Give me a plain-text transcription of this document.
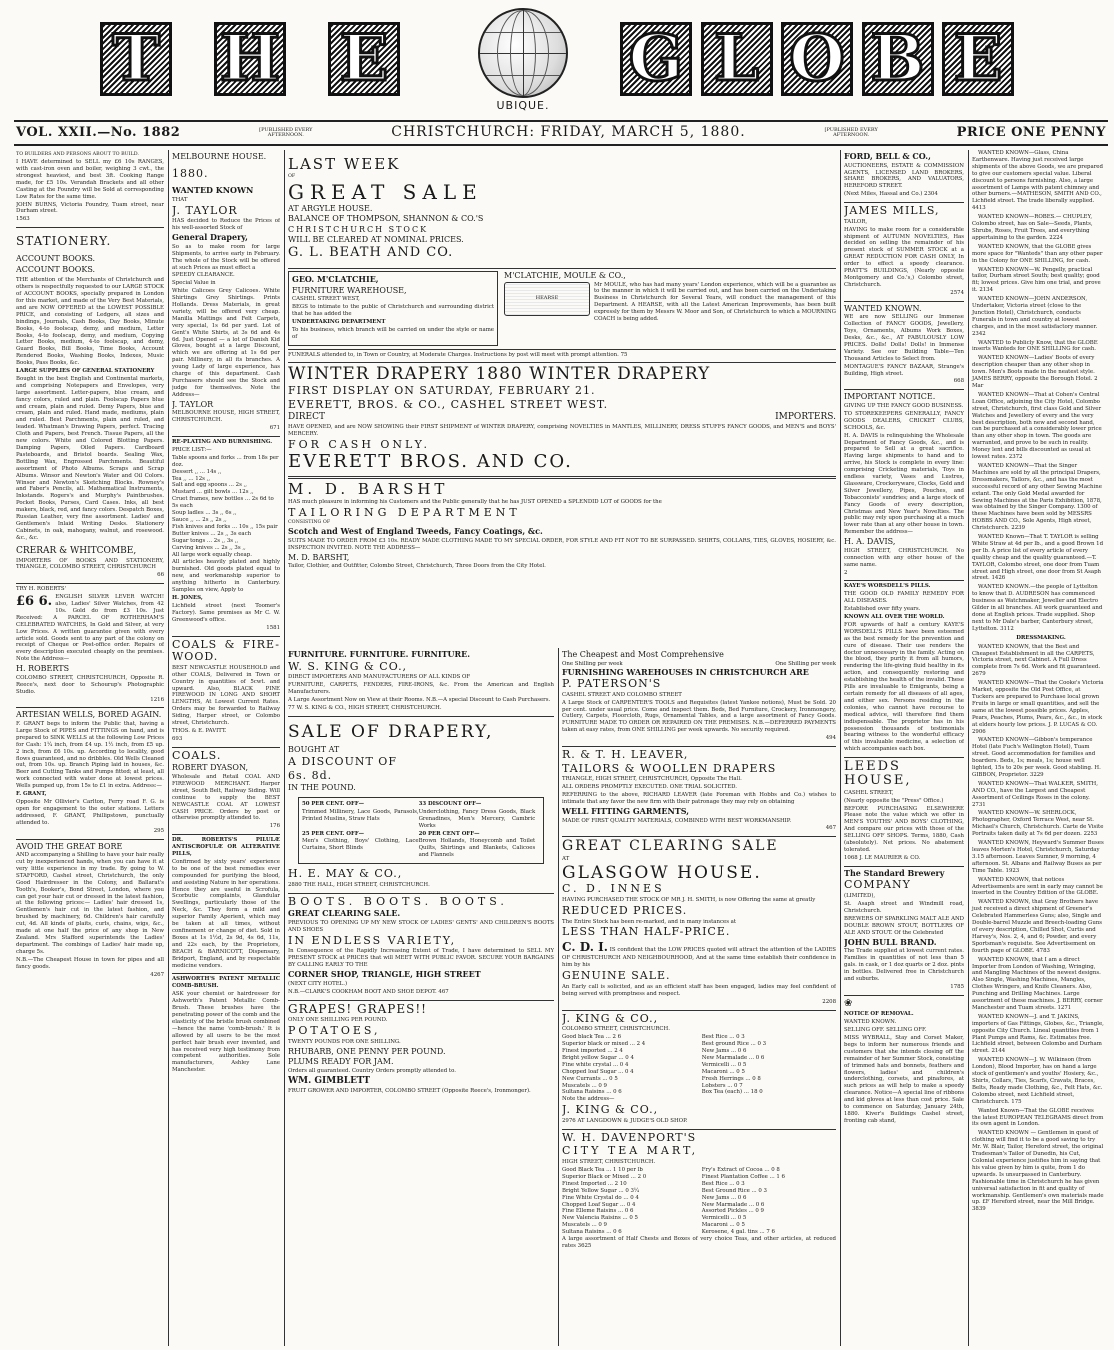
T H E
UBIQUE.
G L O B E
VOL. XXII.—No. 1882	[PUBLISHED EVERY AFTERNOON.	CHRISTCHURCH: FRIDAY, MARCH 5, 1880.	[PUBLISHED EVERY AFTERNOON.	PRICE ONE PENNY

TO BUILDERS AND PERSONS ABOUT TO BUILD.

I HAVE determined to SELL my £6 10s RANGES, with cast-iron oven and boiler, weighing 3 cwt., the strongest heaviest, and best 3ft. Cooking Range made, for £5 10s. Verandah Brackets and all other Casting at the Foundry will be Sold at corresponding Low Rates for the same time.

JOHN BURNS, Victoria Foundry, Tuam street, near Durham street.

1563

STATIONERY.

ACCOUNT BOOKS.

ACCOUNT BOOKS.

THE attention of the Merchants of Christchurch and others is respectfully requested to our LARGE STOCK of ACCOUNT BOOKS, specially prepared in London for this market, and made of the Very Best Materials, and are NOW OFFERED at the LOWEST POSSIBLE PRICE, and consisting of Ledgers, all sizes and bindings, Journals, Cash Books, Day Books, Minute Books, 4-to foolscap, demy, and medium, Letter Books, 4-to foolscap, demy, and medium, Copying Letter Books, medium, 4-to foolscap, and demy, Guard Books, Bill Books, Time Books, Account Rendered Books, Washing Books, Indexes, Music Books, Pass Books, &c.

LARGE SUPPLIES OF GENERAL STATIONERY

Bought in the best English and Continental markets, and comprising Notepapers and Envelopes, very large assortment. Letter-papers, blue cream, and fancy colors, ruled and plain. Foolscap Papers blue and cream, plain and ruled. Demy Papers, blue and cream, plain and ruled. Hand made, mediums, plain and ruled. Best Parchments, plain and ruled, and leaded. Whatman's Drawing Papers, perfect. Tracing Cloth and Papers, best French. Tissue Papers, all the new colors. White and Colored Blotting Papers. Damping Papers, Oiled Papers. Cardboard Pasteboards, and Bristol boards. Sealing Wax, Bottling Wax, Engrossed Parchments. Beautiful assortment of Photo Albums. Scraps and Scrap Albums. Winsor and Newton's Water and Oil Colors. Winsor and Newton's Sketching Blocks. Rowney's and Faber's Pencils, all. Mathematical Instruments, Inkstands. Rogers's and Murphy's Paintbrushes. Pocket Books, Purses, Card Cases. Inks, all best makers, black, red, and fancy colors. Despatch Boxes, Russian Leather, very fine assortment. Ladies' and Gentlemen's Inlaid Writing Desks. Stationery Cabinets, in oak, mahogany, walnut, and rosewood. &c., &c.

CRERAR & WHITCOMBE,

IMPORTERS OF BOOKS AND STATIONERY, TRIANGLE, COLOMBO STREET, CHRISTCHURCH

66

TRY H. ROBERTS'

£6 6. ENGLISH SILVER LEVER WATCH! also, Ladies' Silver Watches, from 42 10s. Gold do from £3 10s. Just Received: A PARCEL OF ROTHERHAM'S CELEBRATED WATCHES, In Gold and Silver, at very Low Prices. A written guarantee given with every article sold. Goods sent to any part of the colony on receipt of Cheque or Post-office order. Repairs of every description executed cheaply on the premises. Note the Address—

H. ROBERTS

COLOMBO STREET, CHRISTCHURCH, Opposite R. Reece's, next door to Schourup's Photographic Studio.

1216

ARTESIAN WELLS, BORED AGAIN.

F. GRANT begs to inform the Public that, having a Large Stock of PIPES and FITTINGS on hand, and is prepared to SINK WELLS at the following Low Prices for Cash: 1¼ inch, from £4 up. 1½ inch, from £5 up. 2 inch, from £6 10s. up. According to locality, good flows guaranteed, and no dribbles. Old Wells Cleaned out, from 10s. up. Branch Piping laid in houses, &c. Beer and Cutting Tanks and Pumps fitted; at least, all work connected with water done at lowest prices. Wells pumped up, from 15s to £1 in extra. Address:—

F. GRANT,

Opposite Mr Ollivier's Carlton, Ferry road F. G. is open for engagement to the outer stations. Letters addressed, F. GRANT, Phillipstown, punctually attended to.

295

AVOID THE GREAT BORE

AND accompanying a Shilling to have your hair really cut by inexperienced hands, when you can have it at very little experience in my trade. By going to W. STAFFORD, Cashel street, Christchurch, the only Good Hairdresser in the Colony, and Ballarat's Tooth's, Booker's, Bond Street, London, where you can get your hair cut or dressed in the latest fashion, at the following prices:— Ladies' hair dressed 1s, Gentlemen's hair cut in the latest fashion, and brushed by machinery, 6d. Children's hair carefully cut, 4d. All kinds of plaits, curls, chains, wigs, &c., made at one half the price of any shop in New Zealand. Mrs Stafford superintends the Ladies' department. The combings of Ladies' hair made up, charge 5s.

N.B.—The Cheapest House in town for pipes and all fancy goods.

4267

MELBOURNE HOUSE.

1880.

WANTED KNOWN

THAT

J. TAYLOR

HAS decided to Reduce the Prices of his well-assorted Stock of

General Drapery,

So as to make room for large Shipments, to arrive early in February. The whole of the Stock will be offered at such Prices as must effect a

SPEEDY CLEARANCE.

Special Value in

White Calicoes Grey Calicoes. White Shirtings Grey Shirtings. Prints Hollands. Dress Materials, in great variety, will be offered very cheap. Manilla Mattings and Felt Carpets, very special, 1s 6d per yard. Lot of Gent's White Shirts, at 3s 6d and 4s 6d. Just Opened — a lot of Danish Kid Gloves, bought at a large Discount, which we are offering at 1s 6d per pair. Millinery, in all its branches. A young Lady of large experience, has charge of this department. Cash Purchasers should see the Stock and judge for themselves. Note the Address—

J. TAYLOR

MELBOURNE HOUSE, HIGH STREET, CHRISTCHURCH.

671

RE-PLATING AND BURNISHING.

PRICE LIST:—

Table spoons and forks ... from 18s per doz.
Dessert ,, ... 14s ,,
Tea ,, ... 12s ,,
Salt and egg spoons ... 2s ,,
Mustard ... gilt bowls ... 12s ,,
Cruet frames, new bottles ... 2s 6d to 5s each
Soup ladles ... 3s ,, 6s ,,
Sauce ,, ... 2s ,, 2s ,,
Fish knives and forks ... 10s ,, 15s pair
Butter knives ... 2s ,, 3s each
Sugar tongs ... 2s ,, 3s ,,
Carving knives ... 2s ,, 3s ,,

All large work equally cheap.

All articles heavily plated and highly burnished. Old goods plated equal to new, and workmanship superior to anything hitherto in Canterbury. Samples on view, Apply to

H. JONES,

Lichfield street (next Toomer's Factory). Same premises as Mr C. W. Greenwood's office.

1581

COALS & FIRE-WOOD.

BEST NEWCASTLE HOUSEHOLD and other COALS, Delivered in Town or Country in quantities of 5cwt. and upward. Also, BLACK PINE FIREWOOD IN LONG AND SHORT LENGTHS, At Lowest Current Rates. Orders may be forwarded to Railway Siding, Harper street, or Colombo street, Christchurch.

THOS. & E. PAVITT.

693

COALS.

ROBERT DYASON,

Wholesale and Retail COAL AND FIREWOOD MERCHANT. Harper street, South Belt, Railway Siding. Will continue to supply the BEST NEWCASTLE COAL AT LOWEST CASH PRICE. Orders by post or otherwise promptly attended to.

176

DR. ROBERTS'S PILULÆ ANTISCROFULÆ OR ALTERATIVE PILLS,

Confirmed by sixty years' experience to be one of the best remedies ever compounded for purifying the blood, and assisting Nature in her operations. Hence they are useful in Scrofula, Scorbutic complaints, Glandular Swellings, particularly those of the Neck, &c. They form a mild and superior Family Aperient, which may be taken at all times, without confinement or change of diet. Sold in Boxes at 1s 1½d, 2s 9d, 4s 6d, 11s, and 22s each, by the Proprietors, BEACH & BARNICOTT, Dispensary, Bridport, England, and by respectable medicine vendors.

ASHWORTH'S PATENT METALLIC COMB-BRUSH.

ASK your chemist or hairdresser for Ashworth's Patent Metallic Comb-Brush. These brushes have the penetrating power of the comb and the elasticity of the bristle brush combined—hence the name 'comb-brush.' It is allowed by all users to be the most perfect hair brush ever invented, and has received very high testimony from competent authorities. Sole manufacturers, Ashley Lane Manchester.

LAST WEEK

OF

GREAT SALE

AT ARGYLE HOUSE.

BALANCE OF THOMPSON, SHANNON & CO.'S

CHRISTCHURCH STOCK

WILL BE CLEARED AT NOMINAL PRICES.

G. L. BEATH AND CO.

GEO. M'CLATCHIE,

FURNITURE WAREHOUSE,

CASHEL STREET WEST,

BEGS to intimate to the public of Christchurch and surrounding district that he has added the

UNDERTAKING DEPARTMENT

To his business, which branch will be carried on under the style or name of

M'CLATCHIE, MOULE & CO.,

HEARSE

Mr MOULE, who has had many years' London experience, which will be a guarantee as to the manner in which it will be carried out, and has been carried on the Undertaking Business in Christchurch for Several Years, will conduct the management of this Department. A HEARSE, with all the Latest American Improvements, has been built expressly for them by Messrs W. Moor and Son, of Christchurch to which a MOURNING COACH is being added.

FUNERALS attended to, in Town or Country, at Moderate Charges. Instructions by post will meet with prompt attention. 75

WINTER DRAPERY 1880 WINTER DRAPERY

FIRST DISPLAY ON SATURDAY, FEBRUARY 21.

EVERETT, BROS. & CO., CASHEL STREET WEST.

DIRECT	IMPORTERS.

HAVE OPENED, and are NOW SHOWING their FIRST SHIPMENT of WINTER DRAPERY, comprising NOVELTIES in MANTLES, MILLINERY, DRESS STUFFS FANCY GOODS, and MEN'S and BOYS' MERCERY.

FOR CASH ONLY.

EVERETT BROS. AND CO.

M. D. BARSHT

HAS much pleasure in informing his Customers and the Public generally that he has JUST OPENED a SPLENDID LOT of GOODS for the

TAILORING DEPARTMENT

CONSISTING OF

Scotch and West of England Tweeds, Fancy Coatings, &c.

SUITS MADE TO ORDER FROM £3 10s. READY MADE CLOTHING MADE TO MY SPECIAL ORDER, FOR STYLE AND FIT NOT TO BE SURPASSED. SHIRTS, COLLARS, TIES, GLOVES, HOSIERY, &c. INSPECTION INVITED. NOTE THE ADDRESS—

M. D. BARSHT,

Tailor, Clothier, and Outfitter, Colombo Street, Christchurch, Three Doors from the City Hotel.

FURNITURE. FURNITURE. FURNITURE.

W. S. KING & CO.,

DIRECT IMPORTERS AND MANUFACTURERS OF ALL KINDS OF

FURNITURE, CARPETS, FENDERS, FIRE-IRONS, &c. From the American and English Manufacturers.

A Large Assortment Now on View at their Rooms. N.B.—A special Discount to Cash Purchasers.

77 W. S. KING & CO., HIGH STREET, CHRISTCHURCH.

SALE OF DRAPERY,

BOUGHT AT

A DISCOUNT OF

6s. 8d.

IN THE POUND.

50 PER CENT. OFF—

Trimmed Millinery, Lace Goods, Parasols, Printed Muslins, Straw Hats

33 DISCOUNT OFF—

Underclothing, Fancy Dress Goods, Black Grenadines, Men's Mercery, Cambric Works

25 PER CENT. OFF—

Men's Clothing, Boys' Clothing, Lace Curtains, Short Blinds

20 PER CENT OFF—

Brown Hollands, Honeycomb and Toilet Quilts, Shirtings and Blankets, Calicoes and Flannels

H. E. MAY & CO.,

2880 THE HALL, HIGH STREET, CHRISTCHURCH.

BOOTS. BOOTS. BOOTS.

GREAT CLEARING SALE.

PREVIOUS TO OPENING UP MY NEW STOCK OF LADIES' GENTS' AND CHILDREN'S BOOTS AND SHOES

IN ENDLESS VARIETY,

In Consequence of the Rapidly Increasing Extent of Trade, I have determined to SELL MY PRESENT STOCK at PRICES that will MEET WITH PUBLIC FAVOR. SECURE YOUR BARGAINS BY CALLING EARLY TO THE

CORNER SHOP, TRIANGLE, HIGH STREET

(NEXT CITY HOTEL.)

N.B.—CLARK'S COOKHAM BOOT AND SHOE DEPOT. 467

GRAPES! GRAPES!!

ONLY ONE SHILLING PER POUND.

POTATOES,

TWENTY POUNDS FOR ONE SHILLING.

RHUBARB, ONE PENNY PER POUND.

PLUMS READY FOR JAM.

Orders all guaranteed. Country Orders promptly attended to.

WM. GIMBLETT

FRUIT GROWER AND IMPORTER, COLOMBO STREET (Opposite Reece's, Ironmonger).

The Cheapest and Most Comprehensive

One Shilling per week	One Shilling per week

FURNISHING WAREHOUSES IN CHRISTCHURCH ARE

P. PATERSON'S

CASHEL STREET AND COLOMBO STREET

A Large Stock of CARPENTER'S TOOLS and Requisites (latest Yankee notions), Must be Sold. 20 per cent. under usual price. Come and inspect them. Beds, Bed Furniture, Crockery, Ironmongery, Cutlery, Carpets, Floorcloth, Rugs, Ornamental Tables, and a large assortment of Fancy Goods. FURNITURE MADE TO ORDER OR REPAIRED ON THE PREMISES. N.B.—DEFERRED PAYMENTS taken at easy rates, from ONE SHILLING per week upwards. No security required.

494

R. & T. H. LEAVER,

TAILORS & WOOLLEN DRAPERS

TRIANGLE, HIGH STREET, CHRISTCHURCH, Opposite The Hall.

ALL ORDERS PROMPTLY EXECUTED. ONE TRIAL SOLICITED.

REFERRING to the above, RICHARD LEAVER (late Foreman with Hobbs and Co.) wishes to intimate that any favor the new firm with their patronage they may rely on obtaining

WELL FITTING GARMENTS,

MADE OF FIRST QUALITY MATERIALS, COMBINED WITH BEST WORKMANSHIP.

467

GREAT CLEARING SALE

AT

GLASGOW HOUSE.

C. D. INNES

HAVING PURCHASED THE STOCK OF MR J. H. SMITH, is now Offering the same at greatly

REDUCED PRICES.

The Entire Stock has been re-marked, and in many instances at

LESS THAN HALF-PRICE.

C. D. I. IS confident that the LOW PRICES quoted will attract the attention of the LADIES OF CHRISTCHURCH AND NEIGHBOURHOOD, And at the same time establish their confidence in him by his

GENUINE SALE.

An Early call is solicited, and as an efficient staff has been engaged, ladies may feel confident of being served with promptness and respect.

2208

J. KING & CO.,

COLOMBO STREET, CHRISTCHURCH.

Good black Tea ... 2 6
Superior black or mixed ... 2 4
Finest imported ... 2 4
Bright yellow Sugar ... 0 4
Fine white crystal ... 0 4
Chopped loaf Sugar ... 0 4
New Currants ... 0 5
Muscatels ... 0 9
Sultana Raisins ... 0 6
Best Rice ... 0 3
Best ground Rice ... 0 3
New Jams ... 0 6
New Marmalade ... 0 6
Vermicelli ... 0 5
Macaroni ... 0 5
Fresh Herrings ... 0 8
Lobsters ... 0 7
Box Tea (each) ... 18 0

Note the address—

J. KING & CO.,

2976 AT LANGDOWN & JUDGE'S OLD SHOP.

W. H. DAVENPORT'S

CITY TEA MART,

HIGH STREET, CHRISTCHURCH.

Good Black Tea ... 1 10 per lb
Superior Black or Mixed ... 2 0
Finest Imported ... 2 10
Bright Yellow Sugar ... 0 3¼
Fine White Crystal do ... 0 4
Chopped Loaf Sugar ... 0 4
Fine Elleme Raisins ... 0 6
New Valencia Raisins ... 0 5
Muscatels ... 0 9
Sultana Raisins ... 0 6
Fry's Extract of Cocoa ... 0 8
Finest Plantation Coffee ... 1 6
Best Rice ... 0 3
Best Ground Rice ... 0 3
New Jams ... 0 6
New Marmalade ... 0 6
Assorted Pickles ... 0 9
Vermicelli ... 0 5
Macaroni ... 0 5
Kerosene, 4 gal. tins ... 7 6

A large assortment of Half Chests and Boxes of very choice Teas, and other articles, at reduced rates 3625

FORD, BELL & CO.,

AUCTIONEERS, ESTATE & COMMISSION AGENTS, LICENSED LAND BROKERS, SHARE BROKERS, AND VALUATORS, HEREFORD STREET.

(Next Miles, Hassal and Co.) 2304

JAMES MILLS,

TAILOR,

HAVING to make room for a considerable shipment of AUTUMN NOVELTIES, Has decided on selling the remainder of his present stock of SUMMER STOCK at a GREAT REDUCTION FOR CASH ONLY, In order to effect a speedy clearance. PRATT'S BUILDINGS, (Nearly opposite Montgomery and Co.'s,) Colombo street, Christchurch.

2574

WANTED KNOWN.

WE are now SELLING our Immense Collection of FANCY GOODS, Jewellery, Toys, Ornaments, Albums Work Boxes, Desks, &c., &c., AT FABULOUSLY LOW PRICES. Dolls! Dolls! Dolls! in Immense Variety. See our Building Table—Ten Thousand Articles to Select from.

MONTAGUE'S FANCY BAZAAR, Strange's Building, High street.

668

IMPORTANT NOTICE.

GIVING UP THE FANCY GOOD BUSINESS.

TO STOREKEEPERS GENERALLY, FANCY GOODS DEALERS, CRICKET CLUBS, SCHOOLS, &c.

H. A. DAVIS is relinquishing the Wholesale Department of Fancy Goods, &c., and is prepared to Sell at a great sacrifice. Having large shipments to hand and to arrive, his Stock is complete in every line: comprising Cricketing materials, Toys in endless variety, Vases and Lustres, Glassware, Crockeryware, Clocks, Gold and Silver Jewellery, Pipes, Pouches, and Tobacconists' sundries; and a large stock of Fancy Goods of every description, Christmas and New Year's Novelties. The public may rely upon purchasing at a much lower rate than at any other house in town. Remember the address—

H. A. DAVIS,

HIGH STREET, CHRISTCHURCH. No connection with any other house of the same name.

2

KAYE'S WORSDELL'S PILLS.

THE GOOD OLD FAMILY REMEDY FOR ALL DISEASES.

Established over fifty years.

KNOWN ALL OVER THE WORLD.

FOR upwards of half a century KAYE'S WORSDELL'S PILLS have been esteemed as the best remedy for the prevention and cure of disease. Their use renders the doctor unnecessary in the family. Acting on the blood, they purify it from all humors, rendering the life-giving fluid healthy in its action, and consequently restoring and establishing the health of the invalid. These Pills are invaluable to Emigrants, being a certain remedy for all diseases of all ages, and either sex. Persons residing in the colonies, who cannot have recourse to medical advice, will therefore find them indispensable. The proprietor has in his possession thousands of testimonials bearing witness to the wonderful efficacy of this invaluable medicine, a selection of which accompanies each box.

LEEDS HOUSE,

CASHEL STREET,

(Nearly opposite the "Press" Office.)

BEFORE PURCHASING ELSEWHERE Please note the value which we offer in MEN'S YOUTHS' AND BOYS' CLOTHING, And compare our prices with those of the SELLING OFF SHOPS. Terms, 1880, Cash (absolutely). Net prices. No abatement tolerated.

1068 J. LE MAURIER & CO.

The Standard Brewery

COMPANY

(LIMITED),

St. Asaph street and Windmill road, Christchurch.

BREWERS OF SPARKLING MALT ALE AND DOUBLE BROWN STOUT, BOTTLERS OF ALE AND STOUT. Of the Celebrated

JOHN BULL BRAND.

The Trade supplied at lowest current rates. Families in quantities of not less than 5 gals. in cask, or 1 doz quarts or 2 doz. pints in bottles. Delivered free in Christchurch and suburbs.

1785

❀

NOTICE OF REMOVAL.

WANTED KNOWN.

SELLING OFF. SELLING OFF.

MISS WYBRALL, Stay and Corset Maker, begs to inform her numerous friends and customers that she intends closing off the remainder of her Summer Stock, consisting of trimmed hats and bonnets, feathers and flowers, ladies' and children's underclothing, corsets, and pinafores, at such prices as will help to make a speedy clearance. Notice—A special line of ribbons and kid gloves at less than cost price. Sale to commence on Saturday, January 24th, 1880. Kiver's Buildings Cashel street, fronting cab stand,

WANTED KNOWN—Glass, China Earthenware. Having just received large shipments of the above Goods, we are prepared to give our customers special value. Liberal discount to persons furnishing. Also, a large assortment of Lamps with patent chimney and other burners.—MATHESON, SMITH AND CO., Lichfield street. The trade liberally supplied. 4413

WANTED KNOWN—ROBES.— CHUPLEY, Colombo street, has on Sale—Seeds, Plants, Shrubs, Roses, Fruit Trees, and everything appertaining to the garden. 2224

WANTED KNOWN, that the GLOBE gives more space for "Wanteds" than any other paper in the Colony for ONE SHILLING, for cash.

WANTED KNOWN—W. Pengelly, practical tailor, Durham street South; best quality; good fit; lowest prices. Give him one trial, and prove it. 2134

WANTED KNOWN—JOHN ANDERSON, Undertaker, Victoria street (close to the Junction Hotel), Christchurch, conducts Funerals in town and country at lowest charges, and in the most satisfactory manner. 2342

WANTED to Publicly Know, that the GLOBE inserts Wanteds for ONE SHILLING for cash.

WANTED KNOWN—Ladies' Boots of every description cheaper than any other shop in town. Men's Boots made in the neatest style. JAMES BERRY, opposite the Borough Hotel. 2 Mar

WANTED KNOWN—That at Cohen's Central Loan Office, adjoining the City Hotel, Colombo street, Christchurch, first class Gold and Silver Watches and Jewellery of every and the very best description, both new and second hand, can be purchased at a considerably lower price than any other shop in town. The goods are warranted, and prove to be such in reality. Money lent and bills discounted as usual at lowest rates. 2372

WANTED KNOWN—That the Singer Machines are sold by all the principal Drapers, Dressmakers, Tailors, &c., and has the most successful record of any other Sewing Machine extant. The only Gold Medal awarded for Sewing Machines at the Paris Exhibition, 1878, was obtained by the Singer Company. 1300 of these Machines have been sold by MESSRS HOBBS AND CO., Sole Agents, High street, Christchurch. 2239

WANTED Known—That T. TAYLOR is selling White Straw at 4d per lb., and a good Brown 1d per lb. A price list of every article of every quality cheap and the quality guaranteed.—T. TAYLOR, Colombo street, one door from Tuam street and High street, one door from St Asaph street. 1426

WANTED KNOWN.—the people of Lyttelton to know that D. AUDRESON has commenced business as Watchmaker, Jeweller and Electro Gilder in all branches. All work guaranteed and done at English prices. Trade supplied. Shop next to Mr Dale's barber, Canterbury street, Lyttelton. 3112

DRESSMAKING.

WANTED KNOWN, that the Best and Cheapest Establishment in all the CARPETS, Victoria street, next Cabinet. A Full Dress complete from 7s 6d. Work and fit guaranteed. 2679

WANTED KNOWN—That the Cooke's Victoria Market, opposite the Old Post Office, at Tuckers are prepared to Purchase local grown Fruits in large or small quantities, and sell the same at the lowest possible prices. Apples, Pears, Peaches, Plums, Pears, &c., &c., in stock at elders hourly low prices. J. P. LUCAS & CO. 2906

WANTED KNOWN—Gibbon's temperance Hotel (late Fuch's Wellington Hotel), Tuam street. Good accommodation for families and boarders. Beds, 1s; meals, 1s; house well lighted, 15s to 20s per week. Good stabling. H. GIBBON, Proprietor. 3229

WANTED KNOWN—That WALKER, SMITH, AND CO., have the Largest and Cheapest Assortment of Ceilings Roses in the colony. 2731

WANTED KNOWN—W. SHERLOCK, Photographer, Oxford Terrace West, near St. Michael's Church, Christchurch. Carte de Visite Portraits taken daily at 7s 6d per dozen. 2253

WANTED KNOWN, Heyward's Summer Buses leaves Morten's Hotel, Christchurch, Saturday 3.15 afternoon. Leaves Sumner, 9 morning, 4 afternoon. St. Albans and Railway Buses as per Time Table. 1923

WANTED KNOWN, that notices Advertisements are sent in early may cannot be inserted in the Country Edition of the GLOBE.

WANTED KNOWN, that Gray Brothers have just received a direct shipment of Greener's Celebrated Hammerless Guns; also, Single and Double-barrel Muzzle and Breech-loading Guns of every description, Chilled Shot, Curtis and Harvey's, Nos. 2, 4, and 6; Powder, and every Sportsman's requisite. See Advertisement on fourth page of GLOBE. 4783

WANTED KNOWN, that I am a direct Importer from London of Washing, Wringing, and Mangling Machines of the newest designs. Also Single, Washing Machines, Mangles, Clothes Wringers, and Knife Cleaners. Also, Punching and Drilling Machines. Large assortment of these machines. J. BERRY, corner Manchester and Tuam streets. 1271

WANTED KNOWN—J. and T. JAKINS, importers of Gas Fittings, Globes, &c., Triangle, opposite City Church. Lineal quantities from 1 Plant Pumps and Rams, &c. Estimates free. Lichfield street, between Colombo and Durham street. 2144

WANTED KNOWN—J. W. Wilkinson (from London), Blood Importer, has on hand a large stock of gentlemen's and youths' Hosiery, &c., Shirts, Collars, Ties, Scarfs, Cravats, Braces, Belts, Ready made Clothing, &c., Felt Hats, &c. Colombo street, next Lichfield street, Christchurch. 175

Wanted Known—That the GLOBE receives the latest EUROPEAN TELEGRAMS direct from its own agent in London.

WANTED KNOWN — Gentlemen in quest of clothing will find it to be a good saving to try Mr. W. Blair, Tailor, Hereford street, the original Tradesman's Tailor of Dunedin, his Cut, Colonial experience justifies him in saying that his value given by him is quite, from 1 do upwards. Is unsurpassed in Canterbury. Fashionable time in Christchurch he has given universal satisfaction in fit and quality of workmanship. Gentlemen's own materials made up. £F Hereford street, near the Mill Bridge. 3839
